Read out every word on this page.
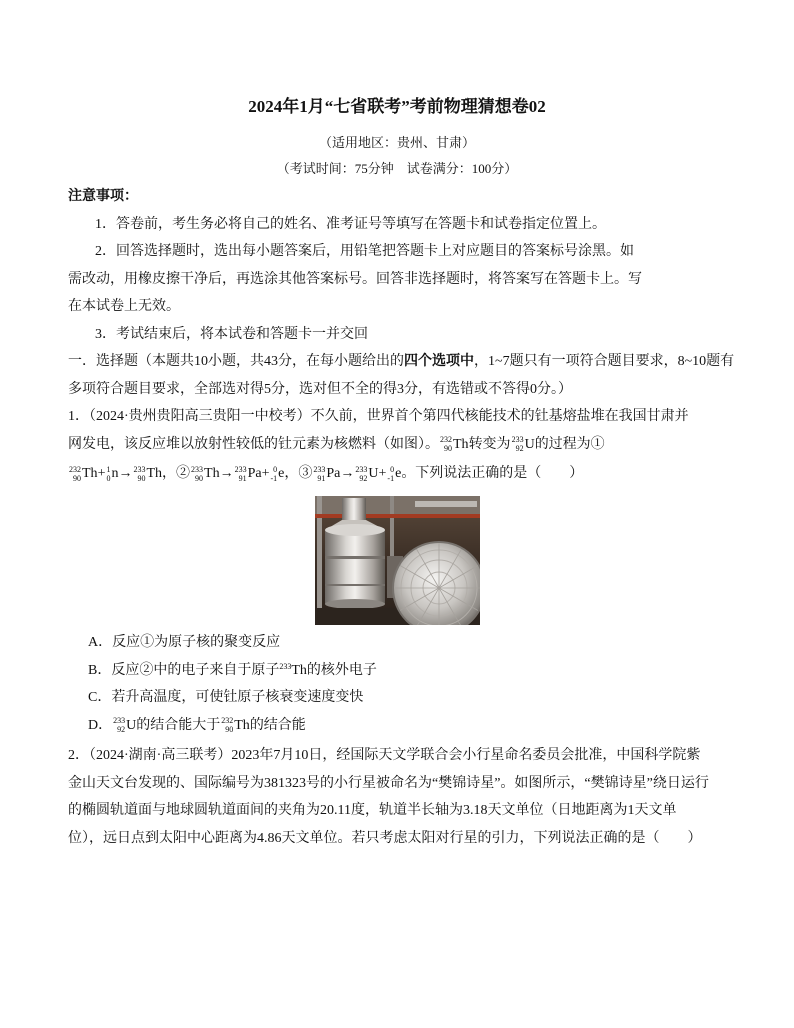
2024年1月“七省联考”考前物理猜想卷02
（适用地区：贵州、甘肃）
（考试时间：75分钟　试卷满分：100分）
注意事项：
1．答卷前，考生务必将自己的姓名、准考证号等填写在答题卡和试卷指定位置上。
2．回答选择题时，选出每小题答案后，用铅笔把答题卡上对应题目的答案标号涂黑。如
需改动，用橡皮擦干净后，再选涂其他答案标号。回答非选择题时，将答案写在答题卡上。写
在本试卷上无效。
3．考试结束后，将本试卷和答题卡一并交回
一．选择题（本题共10小题，共43分，在每小题给出的四个选项中，1~7题只有一项符合题目要求，8~10题有
多项符合题目要求，全部选对得5分，选对但不全的得3分，有选错或不答得0分。）
1．（2024·贵州贵阳高三贵阳一中校考）不久前，世界首个第四代核能技术的钍基熔盐堆在我国甘肃并
网发电，该反应堆以放射性较低的钍元素为核燃料（如图）。 232
90 Th转变为 233
92 U的过程为①
232
90 Th+ 1
0 n→ 233
90 Th，② 233
90 Th→ 233
91 Pa+ 0
-1 e，③ 233
91 Pa→ 233
92 U+ 0
-1 e。下列说法正确的是（　　）
A．反应①为原子核的聚变反应
B．反应②中的电子来自于原子$^{233}$Th的核外电子
C．若升高温度，可使钍原子核衰变速度变快
D． 233
92 U的结合能大于 232
90 Th的结合能
2．（2024·湖南·高三联考）2023年7月10日，经国际天文学联合会小行星命名委员会批准，中国科学院紫
金山天文台发现的、国际编号为381323号的小行星被命名为“樊锦诗星”。如图所示，“樊锦诗星”绕日运行
的椭圆轨道面与地球圆轨道面间的夹角为20.11度，轨道半长轴为3.18天文单位（日地距离为1天文单
位），远日点到太阳中心距离为4.86天文单位。若只考虑太阳对行星的引力，下列说法正确的是（　　）
